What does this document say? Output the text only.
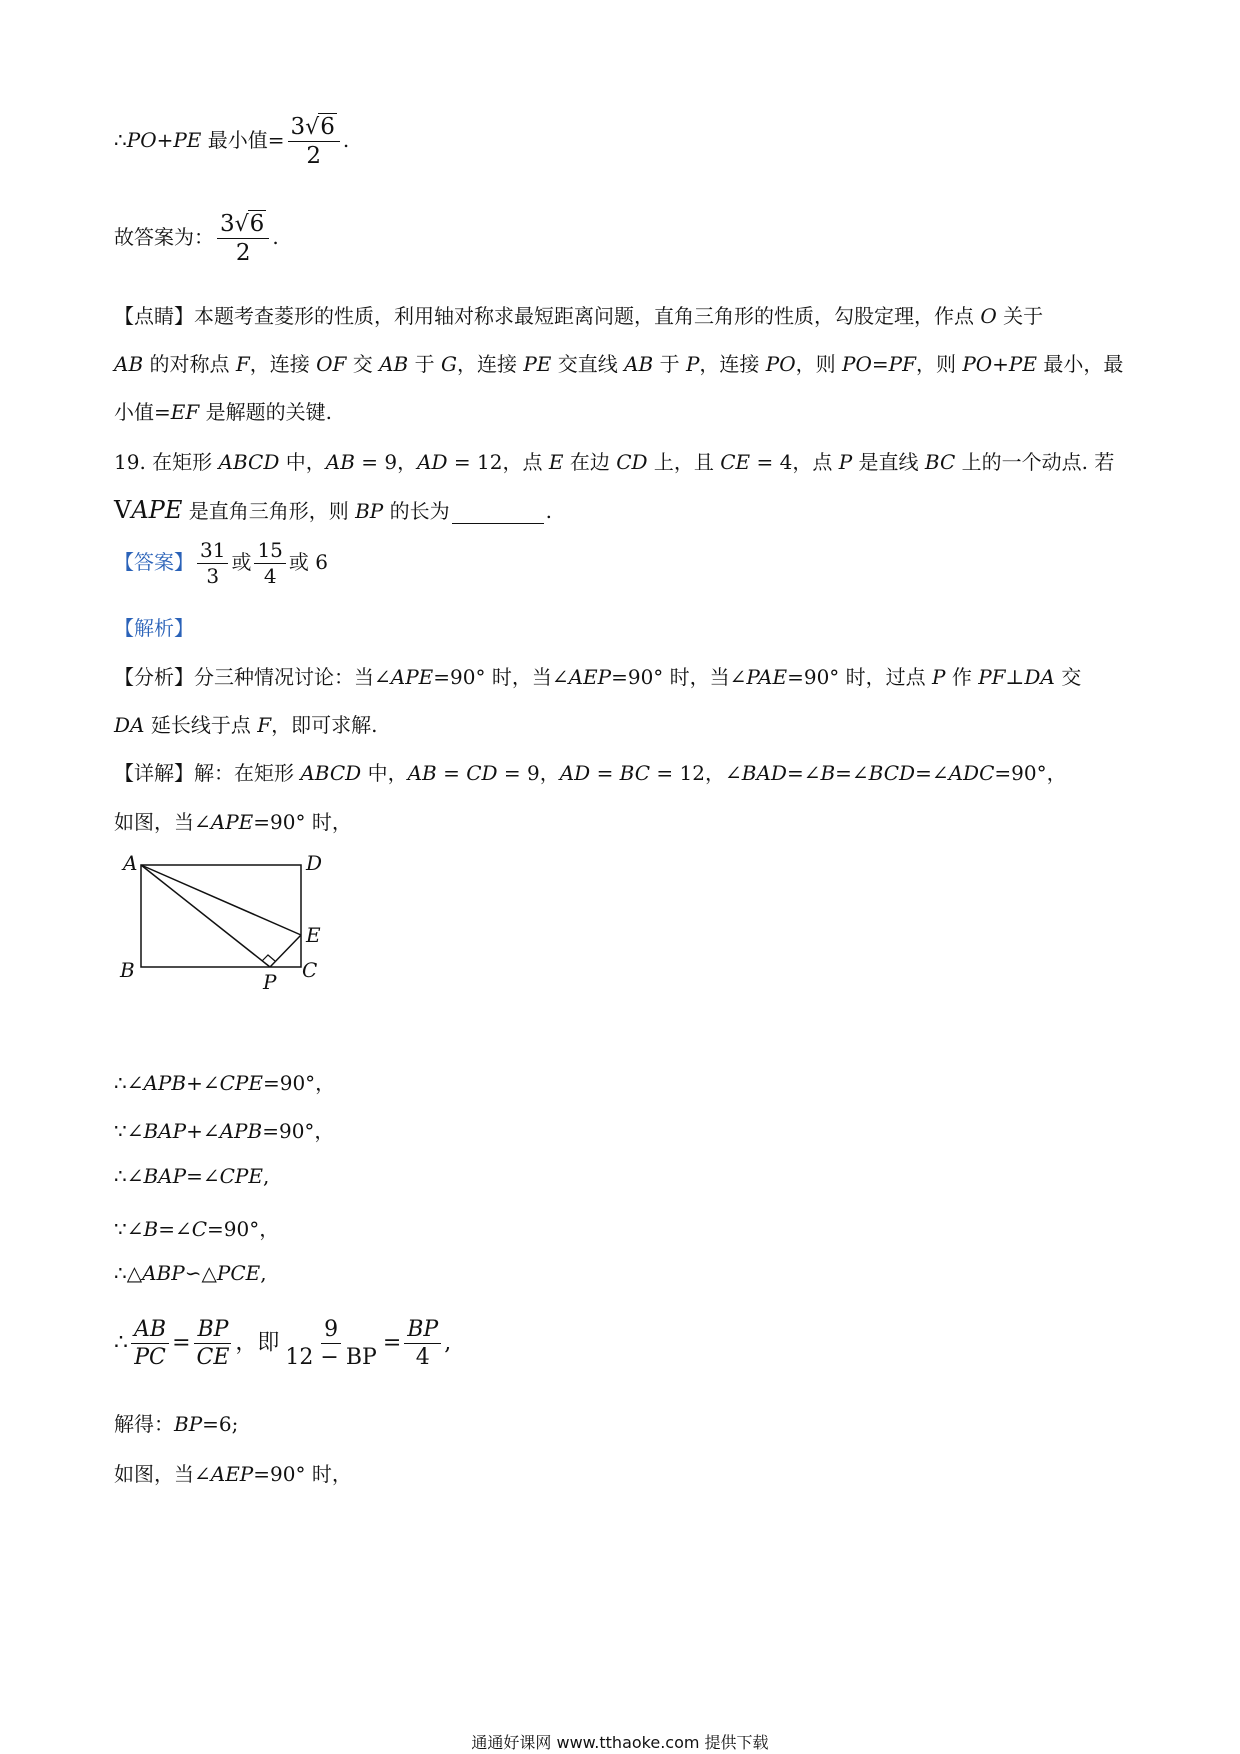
∴PO+PE 最小值= $\frac{3√6}{2}$ .
故答案为： $\frac{3√6}{2}$ .
【点睛】本题考查菱形的性质，利用轴对称求最短距离问题，直角三角形的性质，勾股定理，作点 O 关于
AB 的对称点 F，连接 OF 交 AB 于 G，连接 PE 交直线 AB 于 P，连接 PO，则 PO=PF，则 PO+PE 最小，最
小值=EF 是解题的关键.
19. 在矩形 ABCD 中，AB = 9，AD = 12，点 E 在边 CD 上，且 CE = 4，点 P 是直线 BC 上的一个动点. 若
VAPE 是直角三角形，则 BP 的长为	.
【答案】 $\frac{31}{3}$ 或 $\frac{15}{4}$ 或 6
【解析】
【分析】分三种情况讨论：当∠APE=90° 时，当∠AEP=90° 时，当∠PAE=90° 时，过点 P 作 PF⊥DA 交
DA 延长线于点 F，即可求解.
【详解】解：在矩形 ABCD 中，AB = CD = 9，AD = BC = 12，∠BAD=∠B=∠BCD=∠ADC=90°，
如图，当∠APE=90° 时，
A	D
E
B	P C
∴∠APB+∠CPE=90°，
∵∠BAP+∠APB=90°，
∴∠BAP=∠CPE,
∵∠B=∠C=90°，
∴△ABP∽△PCE,
∴ $\frac{AB}{PC} = \frac{BP}{CE}$ ，即 $\frac{9}{12 - BP} = \frac{BP}{4}$ ,
解得：BP=6;
如图，当∠AEP=90° 时，
通通好课网 www.tthaoke.com 提供下载
